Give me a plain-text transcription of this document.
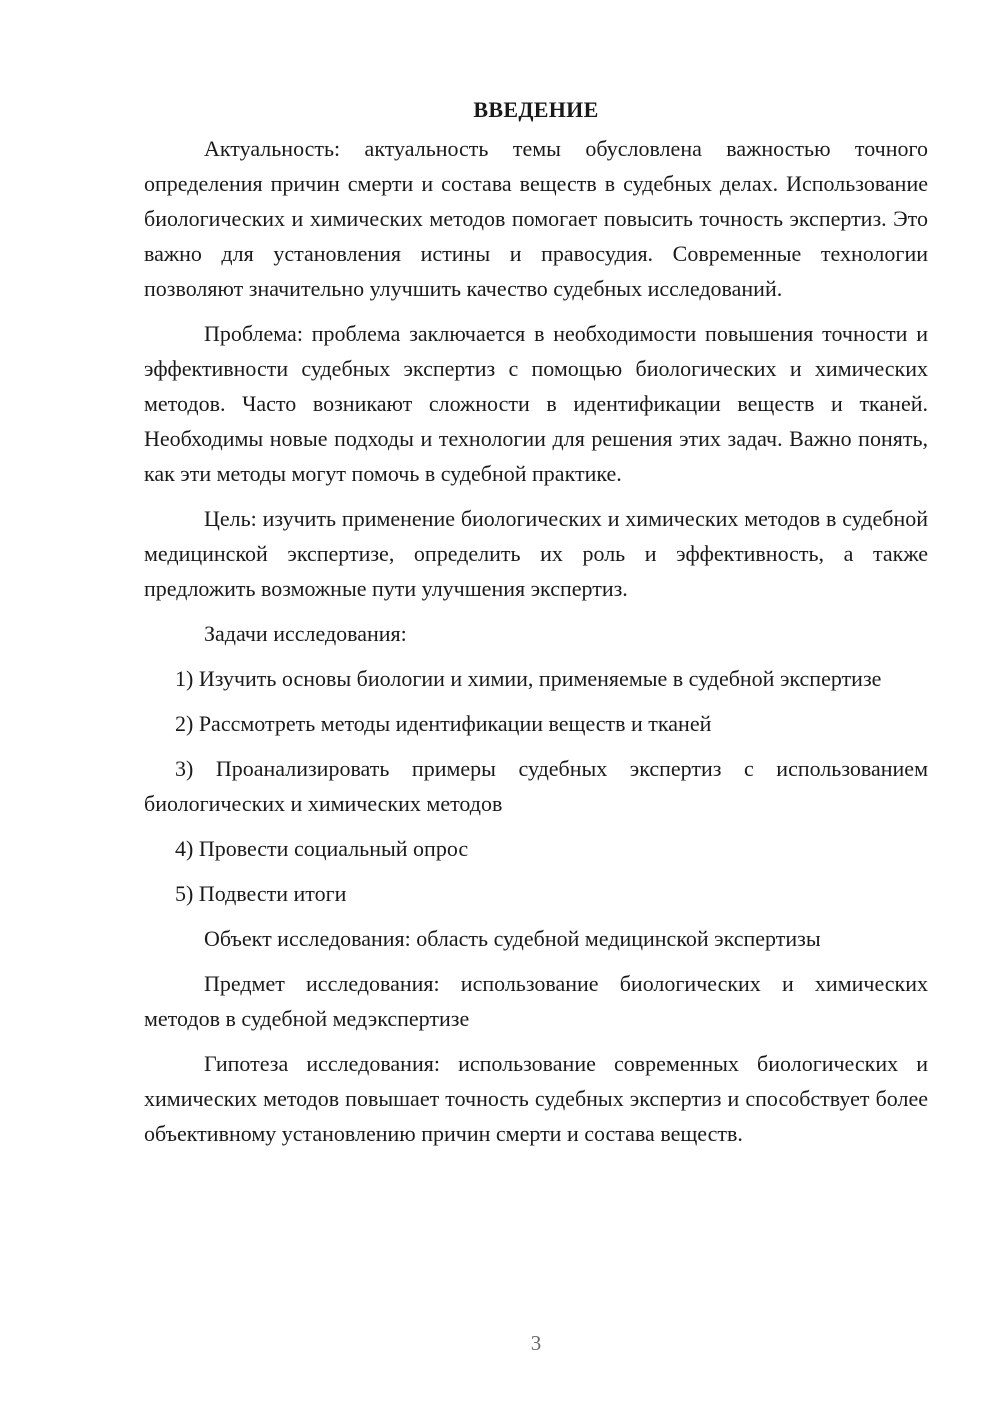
ВВЕДЕНИЕ

Актуальность: актуальность темы обусловлена важностью точного определения причин смерти и состава веществ в судебных делах. Использование биологических и химических методов помогает повысить точность экспертиз. Это важно для установления истины и правосудия. Современные технологии позволяют значительно улучшить качество судебных исследований.

Проблема: проблема заключается в необходимости повышения точности и эффективности судебных экспертиз с помощью биологических и химических методов. Часто возникают сложности в идентификации веществ и тканей. Необходимы новые подходы и технологии для решения этих задач. Важно понять, как эти методы могут помочь в судебной практике.

Цель: изучить применение биологических и химических методов в судебной медицинской экспертизе, определить их роль и эффективность, а также предложить возможные пути улучшения экспертиз.

Задачи исследования:

1) Изучить основы биологии и химии, применяемые в судебной экспертизе

2) Рассмотреть методы идентификации веществ и тканей

3) Проанализировать примеры судебных экспертиз с использованием биологических и химических методов

4) Провести социальный опрос

5) Подвести итоги

Объект исследования: область судебной медицинской экспертизы

Предмет исследования: использование биологических и химических методов в судебной медэкспертизе

Гипотеза исследования: использование современных биологических и химических методов повышает точность судебных экспертиз и способствует более объективному установлению причин смерти и состава веществ.

3
